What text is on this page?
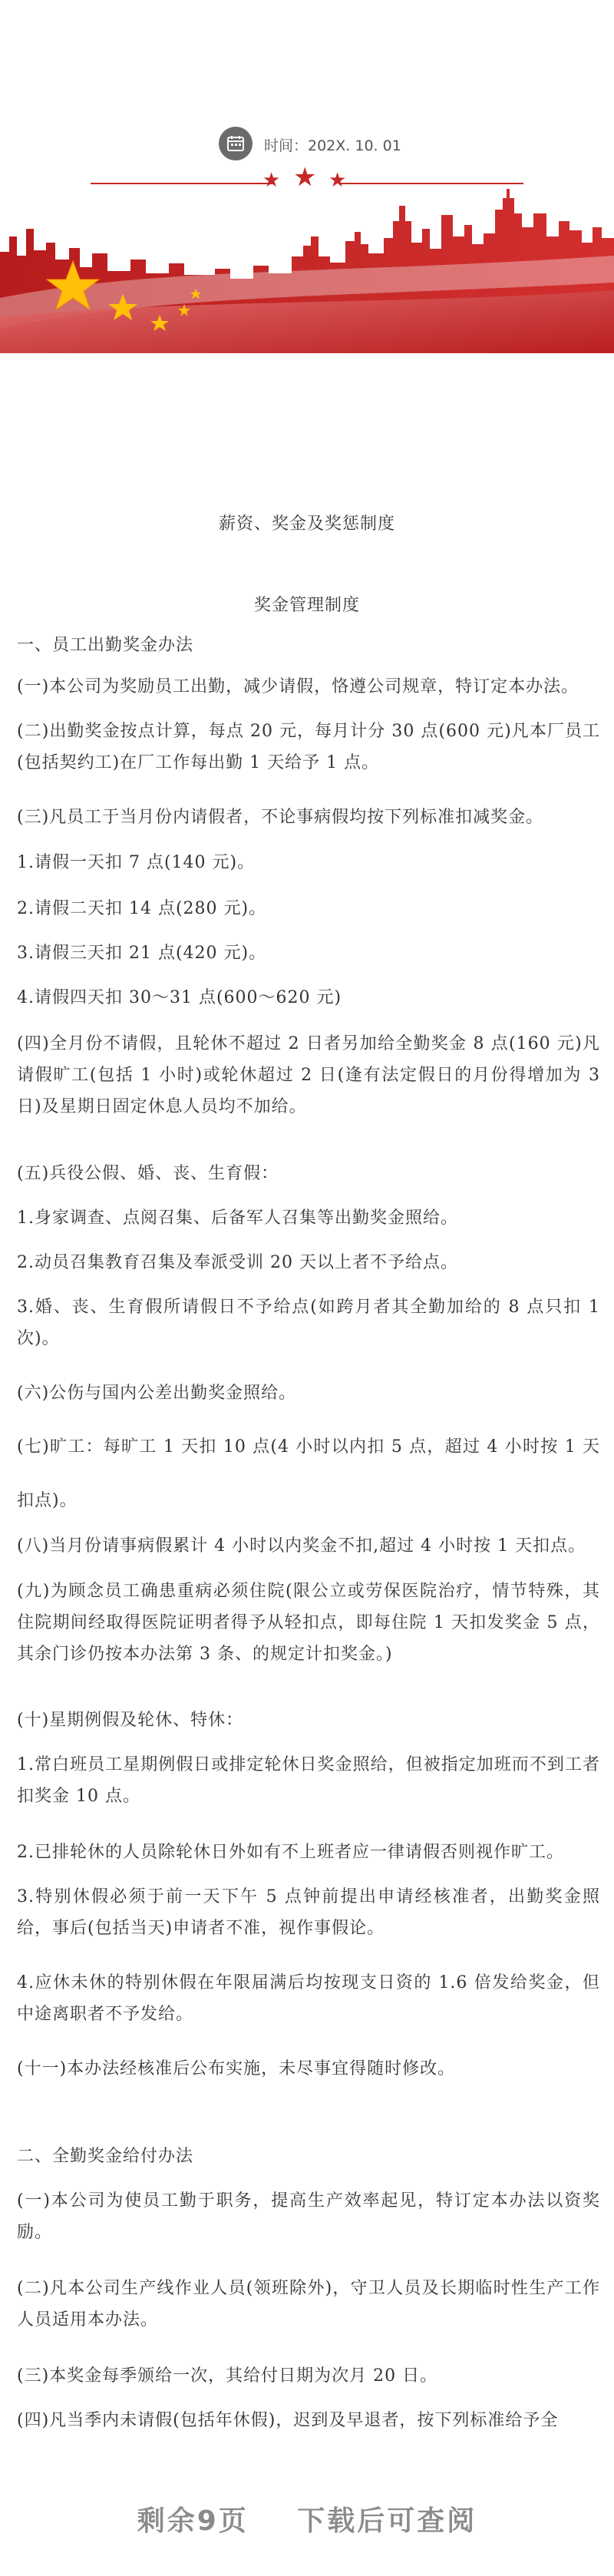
★ ★ ★
时间：202X. 10. 01
薪资、奖金及奖惩制度
奖金管理制度
一、员工出勤奖金办法
(一)本公司为奖励员工出勤，减少请假，恪遵公司规章，特订定本办法。
(二)出勤奖金按点计算，每点 20 元，每月计分 30 点(600 元)凡本厂员工(包括契约工)在厂工作每出勤 1 天给予 1 点。
(三)凡员工于当月份内请假者，不论事病假均按下列标准扣减奖金。
1.请假一天扣 7 点(140 元)。
2.请假二天扣 14 点(280 元)。
3.请假三天扣 21 点(420 元)。
4.请假四天扣 30～31 点(600～620 元)
(四)全月份不请假，且轮休不超过 2 日者另加给全勤奖金 8 点(160 元)凡请假旷工(包括 1 小时)或轮休超过 2 日(逢有法定假日的月份得增加为 3 日)及星期日固定休息人员均不加给。
(五)兵役公假、婚、丧、生育假：
1.身家调查、点阅召集、后备军人召集等出勤奖金照给。
2.动员召集教育召集及奉派受训 20 天以上者不予给点。
3.婚、丧、生育假所请假日不予给点(如跨月者其全勤加给的 8 点只扣 1 次)。
(六)公伤与国内公差出勤奖金照给。
(七)旷工：每旷工 1 天扣 10 点(4 小时以内扣 5 点，超过 4 小时按 1 天扣点)。
(八)当月份请事病假累计 4 小时以内奖金不扣,超过 4 小时按 1 天扣点。
(九)为顾念员工确患重病必须住院(限公立或劳保医院治疗，情节特殊，其住院期间经取得医院证明者得予从轻扣点，即每住院 1 天扣发奖金 5 点，其余门诊仍按本办法第 3 条、的规定计扣奖金。)
(十)星期例假及轮休、特休：
1.常白班员工星期例假日或排定轮休日奖金照给，但被指定加班而不到工者扣奖金 10 点。
2.已排轮休的人员除轮休日外如有不上班者应一律请假否则视作旷工。
3.特别休假必须于前一天下午 5 点钟前提出申请经核准者，出勤奖金照给，事后(包括当天)申请者不准，视作事假论。
4.应休未休的特别休假在年限届满后均按现支日资的 1.6 倍发给奖金，但中途离职者不予发给。
(十一)本办法经核准后公布实施，未尽事宜得随时修改。
二、全勤奖金给付办法
(一)本公司为使员工勤于职务，提高生产效率起见，特订定本办法以资奖励。
(二)凡本公司生产线作业人员(领班除外)，守卫人员及长期临时性生产工作人员适用本办法。
(三)本奖金每季颁给一次，其给付日期为次月 20 日。
(四)凡当季内未请假(包括年休假)，迟到及早退者，按下列标准给予全
剩余9页 下载后可查阅
